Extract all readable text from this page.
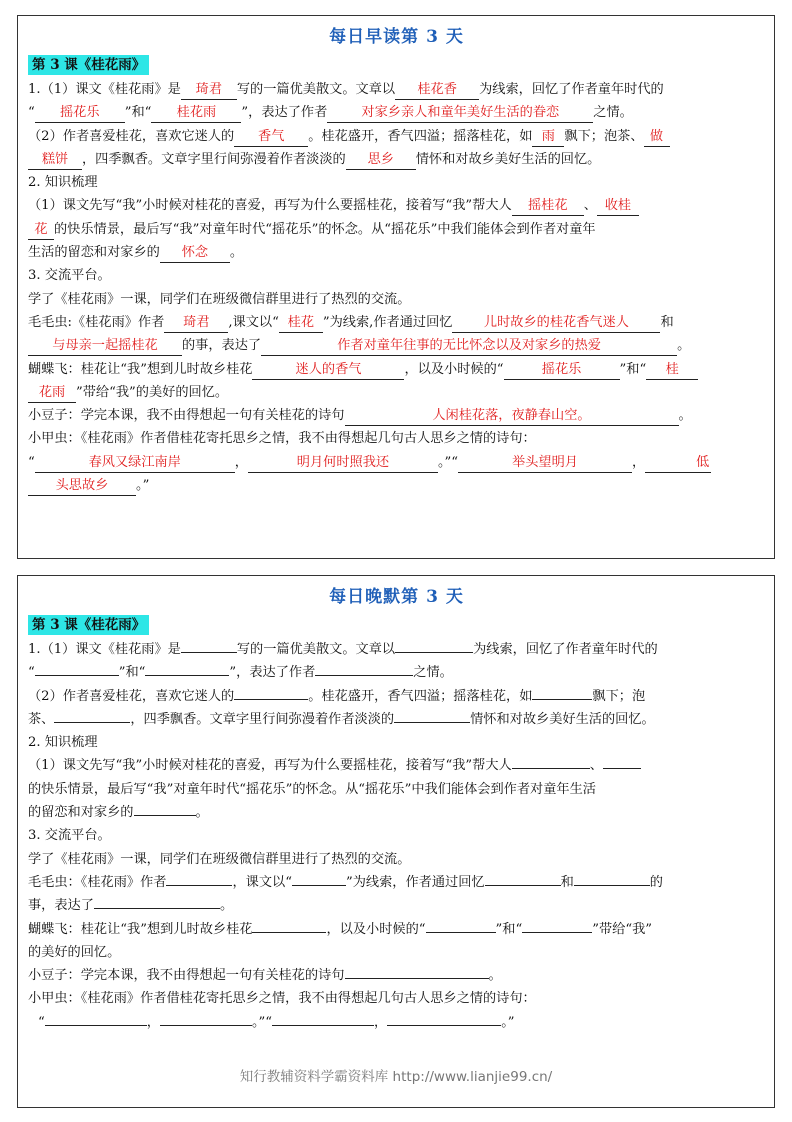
每日早读第 3 天
第 3 课《桂花雨》
1.（1）课文《桂花雨》是 琦君 写的一篇优美散文。文章以 桂花香 为线索，回忆了作者童年时代的
“ 摇花乐 ”和“ 桂花雨 ”，表达了作者	对家乡亲人和童年美好生活的眷恋	之情。
（2）作者喜爱桂花，喜欢它迷人的 香气 。桂花盛开，香气四溢；摇落桂花，如 雨 飘下；泡茶、 做
糕饼 ，四季飘香。文章字里行间弥漫着作者淡淡的 思乡 情怀和对故乡美好生活的回忆。
2. 知识梳理
（1）课文先写“我”小时候对桂花的喜爱，再写为什么要摇桂花，接着写“我”帮大人 摇桂花 、 收桂
花 的快乐情景，最后写“我”对童年时代“摇花乐”的怀念。从“摇花乐”中我们能体会到作者对童年
生活的留恋和对家乡的 怀念 。
3. 交流平台。
学了《桂花雨》一课，同学们在班级微信群里进行了热烈的交流。
毛毛虫:《桂花雨》作者 琦君 ,课文以“ 桂花 ”为线索,作者通过回忆 儿时故乡的桂花香气迷人 和
与母亲一起摇桂花 的事，表达了	作者对童年往事的无比怀念以及对家乡的热爱	。
蝴蝶飞：桂花让“我”想到儿时故乡桂花	迷人的香气	，以及小时候的“	摇花乐	”和“ 桂
花雨 ”带给“我”的美好的回忆。
小豆子：学完本课，我不由得想起一句有关桂花的诗句	人闲桂花落，夜静春山空。	。
小甲虫：《桂花雨》作者借桂花寄托思乡之情，我不由得想起几句古人思乡之情的诗句：
“	春风又绿江南岸	，	明月何时照我还	。”“	举头望明月	，	低
头思故乡 。”
每日晚默第 3 天
第 3 课《桂花雨》
1.（1）课文《桂花雨》是	写的一篇优美散文。文章以	为线索，回忆了作者童年时代的
“	”和“	”，表达了作者	之情。
（2）作者喜爱桂花，喜欢它迷人的	。桂花盛开，香气四溢；摇落桂花，如	飘下；泡
茶、	，四季飘香。文章字里行间弥漫着作者淡淡的	情怀和对故乡美好生活的回忆。
2. 知识梳理
（1）课文先写“我”小时候对桂花的喜爱，再写为什么要摇桂花，接着写“我”帮大人	、
的快乐情景，最后写“我”对童年时代“摇花乐”的怀念。从“摇花乐”中我们能体会到作者对童年生活
的留恋和对家乡的	。
3. 交流平台。
学了《桂花雨》一课，同学们在班级微信群里进行了热烈的交流。
毛毛虫：《桂花雨》作者	，课文以“	”为线索，作者通过回忆	和	的
事，表达了	。
蝴蝶飞：桂花让“我”想到儿时故乡桂花	，以及小时候的“	”和“	”带给“我”
的美好的回忆。
小豆子：学完本课，我不由得想起一句有关桂花的诗句	。
小甲虫：《桂花雨》作者借桂花寄托思乡之情，我不由得想起几句古人思乡之情的诗句：
“	，	。”“	，	。”
知行教辅资料学霸资料库 http://www.lianjie99.cn/
